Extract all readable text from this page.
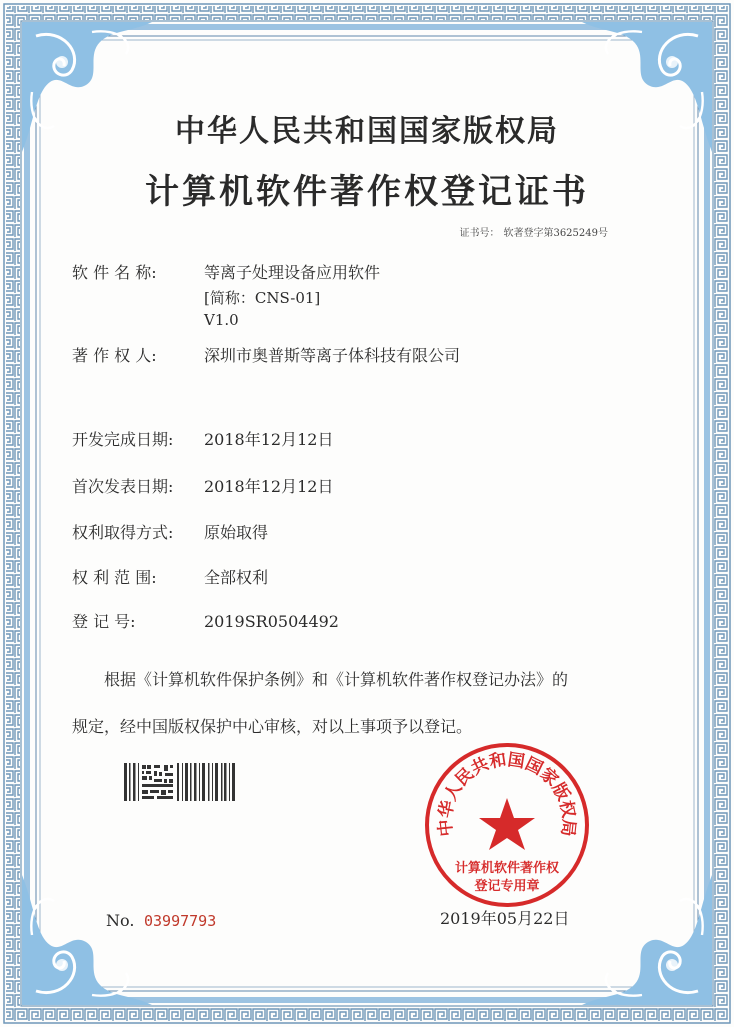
中华人民共和国国家版权局
计算机软件著作权登记证书
证书号： 软著登字第3625249号
软 件 名 称:	等离子处理设备应用软件
[简称：CNS-01]
V1.0
著 作 权 人:	深圳市奥普斯等离子体科技有限公司
开发完成日期: 2018年12月12日
首次发表日期: 2018年12月12日
权利取得方式: 原始取得
权 利 范 围:	全部权利
登 记 号:	2019SR0504492
根据《计算机软件保护条例》和《计算机软件著作权登记办法》的
规定，经中国版权保护中心审核，对以上事项予以登记。
中华人民共和国国家版权局
计算机软件著作权
登记专用章
No. 03997793	2019年05月22日
